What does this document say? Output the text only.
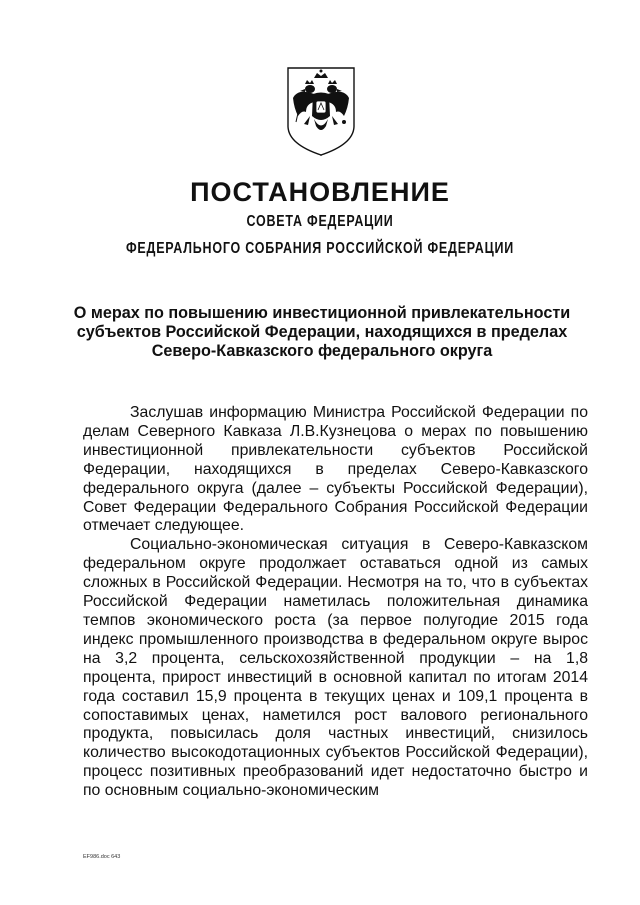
ПОСТАНОВЛЕНИЕ
СОВЕТА ФЕДЕРАЦИИ
ФЕДЕРАЛЬНОГО СОБРАНИЯ РОССИЙСКОЙ ФЕДЕРАЦИИ
О мерах по повышению инвестиционной привлекательности
субъектов Российской Федерации, находящихся в пределах
Северо-Кавказского федерального округа

Заслушав информацию Министра Российской Федерации по делам Северного Кавказа Л.В.Кузнецова о мерах по повышению инвестиционной привлекательности субъектов Российской Федерации, находящихся в пределах Северо-Кавказского федерального округа (далее – субъекты Российской Федерации), Совет Федерации Федерального Собрания Российской Федерации отмечает следующее.

Социально-экономическая ситуация в Северо-Кавказском федеральном округе продолжает оставаться одной из самых сложных в Российской Федерации. Несмотря на то, что в субъектах Российской Федерации наметилась положительная динамика темпов экономического роста (за первое полугодие 2015 года индекс промышленного производства в федеральном округе вырос на 3,2 процента, сельскохозяйственной продукции – на 1,8 процента, прирост инвестиций в основной капитал по итогам 2014 года составил 15,9 процента в текущих ценах и 109,1 процента в сопоставимых ценах, наметился рост валового регионального продукта, повысилась доля частных инвестиций, снизилось количество высокодотационных субъектов Российской Федерации), процесс позитивных преобразований идет недостаточно быстро и по основным социально-экономическим

EF986.doc 643
